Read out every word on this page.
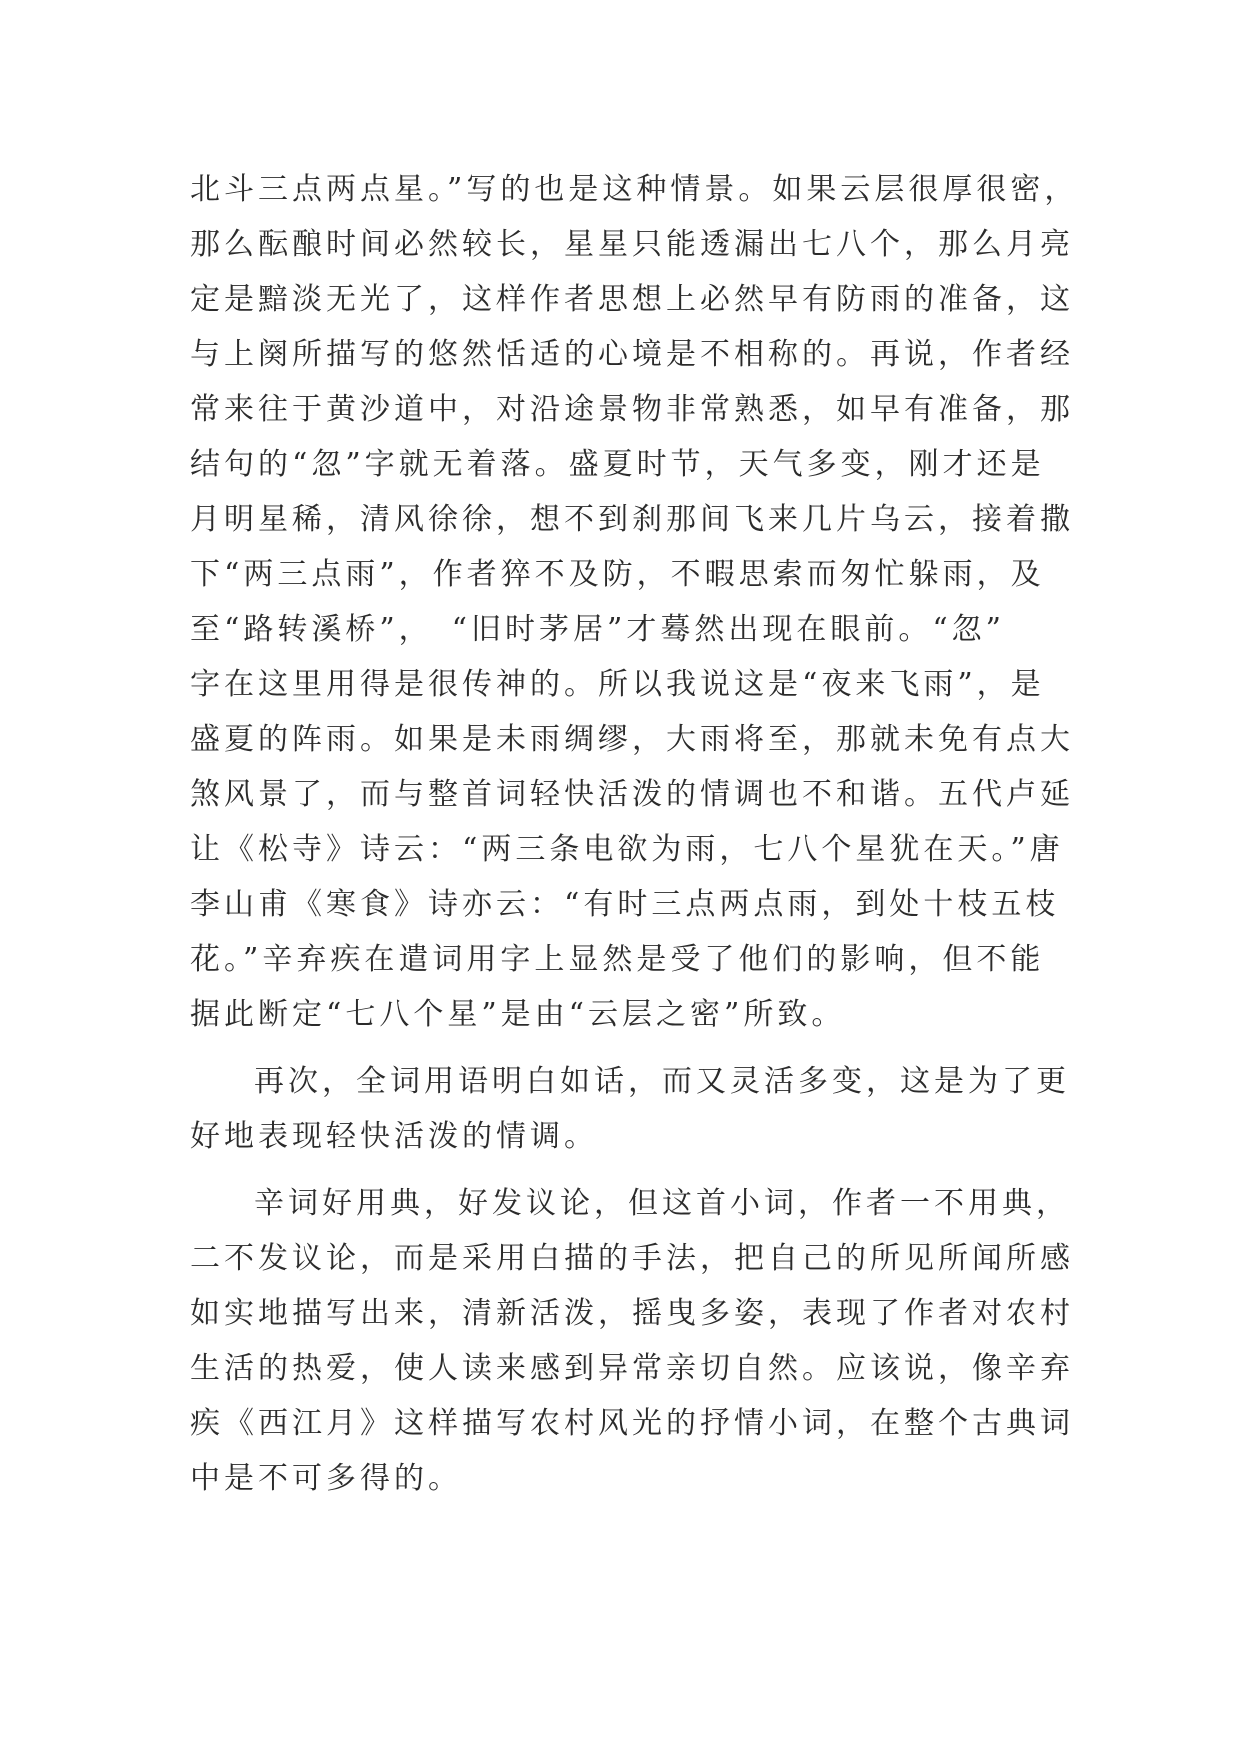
北斗三点两点星。”写的也是这种情景。如果云层很厚很密，
那么酝酿时间必然较长，星星只能透漏出七八个，那么月亮
定是黯淡无光了，这样作者思想上必然早有防雨的准备，这
与上阕所描写的悠然恬适的心境是不相称的。再说，作者经
常来往于黄沙道中，对沿途景物非常熟悉，如早有准备，那
结句的“忽”字就无着落。盛夏时节，天气多变，刚才还是
月明星稀，清风徐徐，想不到刹那间飞来几片乌云，接着撒
下“两三点雨”，作者猝不及防，不暇思索而匆忙躲雨，及
至“路转溪桥”，　“旧时茅居”才蓦然出现在眼前。“忽”
字在这里用得是很传神的。所以我说这是“夜来飞雨”，是
盛夏的阵雨。如果是未雨绸缪，大雨将至，那就未免有点大
煞风景了，而与整首词轻快活泼的情调也不和谐。五代卢延
让《松寺》诗云：“两三条电欲为雨，七八个星犹在天。”唐
李山甫《寒食》诗亦云：“有时三点两点雨，到处十枝五枝
花。”辛弃疾在遣词用字上显然是受了他们的影响，但不能
据此断定“七八个星”是由“云层之密”所致。
再次，全词用语明白如话，而又灵活多变，这是为了更
好地表现轻快活泼的情调。
辛词好用典，好发议论，但这首小词，作者一不用典，
二不发议论，而是采用白描的手法，把自己的所见所闻所感
如实地描写出来，清新活泼，摇曳多姿，表现了作者对农村
生活的热爱，使人读来感到异常亲切自然。应该说，像辛弃
疾《西江月》这样描写农村风光的抒情小词，在整个古典词
中是不可多得的。
